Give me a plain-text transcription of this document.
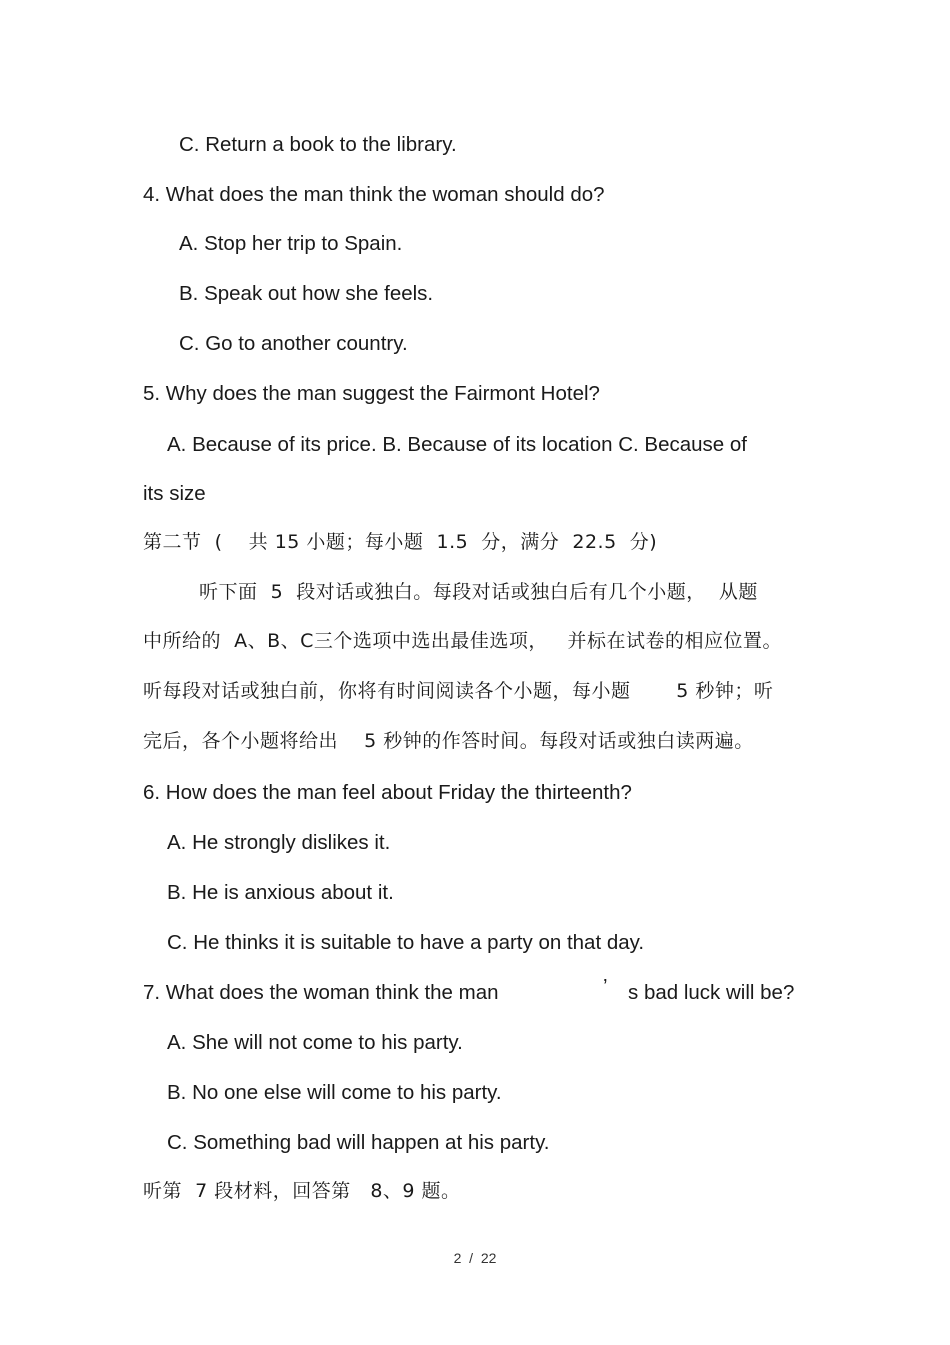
C. Return a book to the library.
4. What does the man think the woman should do?
A. Stop her trip to Spain.
B. Speak out how she feels.
C. Go to another country.
5. Why does the man suggest the Fairmont Hotel?
A. Because of its price. B. Because of its location C. Because of
its size
第二节  (    共 15 小题；每小题  1.5  分，满分  22.5  分)
听下面  5  段对话或独白。每段对话或独白后有几个小题，  从题
中所给的  A、B、C三个选项中选出最佳选项，   并标在试卷的相应位置。
听每段对话或独白前，你将有时间阅读各个小题，每小题       5 秒钟；听
完后，各个小题将给出    5 秒钟的作答时间。每段对话或独白读两遍。
6. How does the man feel about Friday the thirteenth?
A. He strongly dislikes it.
B. He is anxious about it.
C. He thinks it is suitable to have a party on that day.
7. What does the woman think the man	’ s bad luck will be?
A. She will not come to his party.
B. No one else will come to his party.
C. Something bad will happen at his party.
听第  7 段材料，回答第   8、9 题。
2  /  22
